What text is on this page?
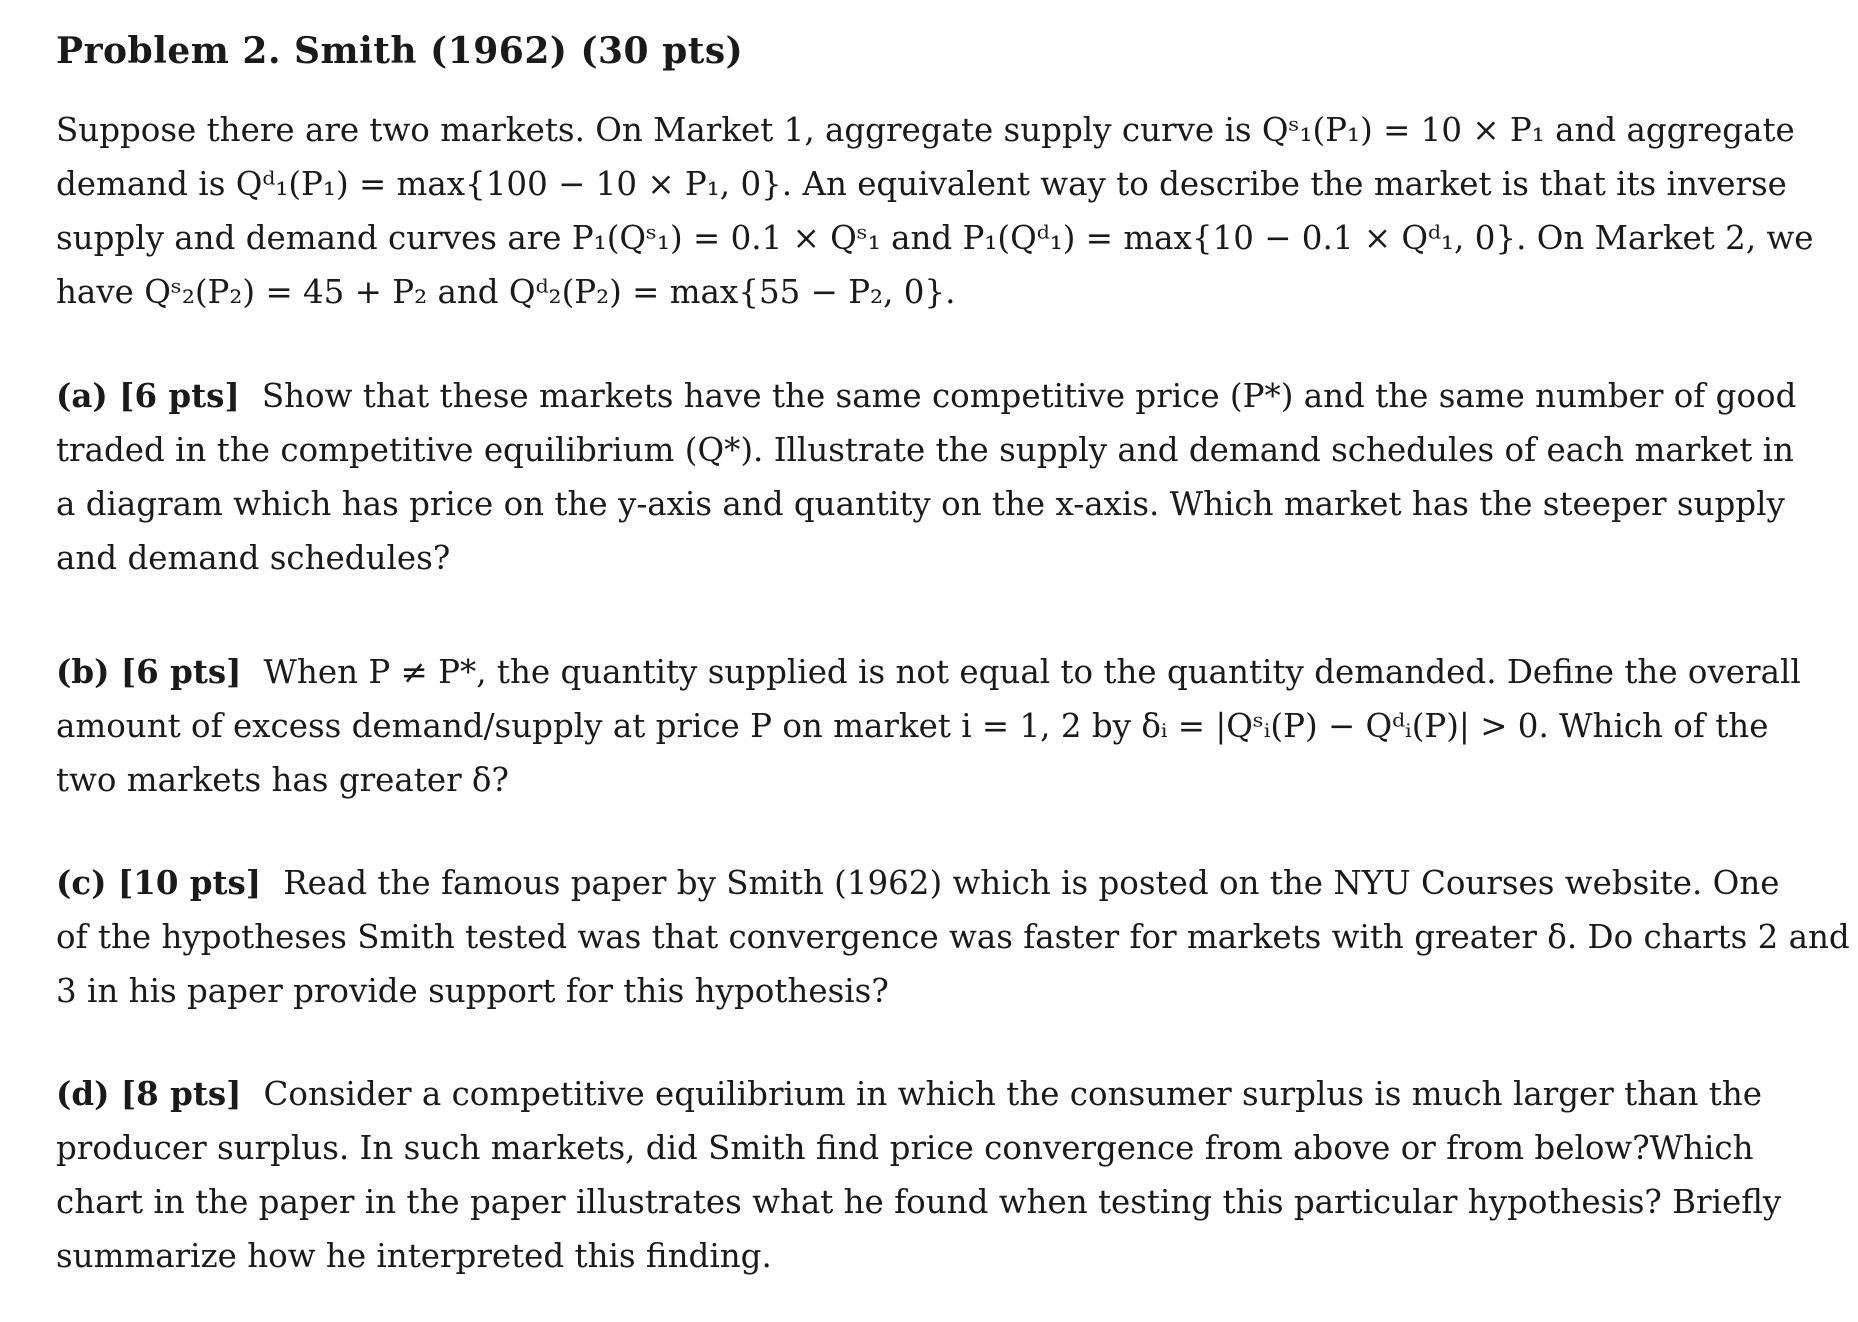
Problem 2. Smith (1962) (30 pts)
Suppose there are two markets. On Market 1, aggregate supply curve is Qˢ₁(P₁) = 10 × P₁ and aggregate
demand is Qᵈ₁(P₁) = max{100 − 10 × P₁, 0}. An equivalent way to describe the market is that its inverse
supply and demand curves are P₁(Qˢ₁) = 0.1 × Qˢ₁ and P₁(Qᵈ₁) = max{10 − 0.1 × Qᵈ₁, 0}. On Market 2, we
have Qˢ₂(P₂) = 45 + P₂ and Qᵈ₂(P₂) = max{55 − P₂, 0}.
(a) [6 pts] Show that these markets have the same competitive price (P*) and the same number of good
traded in the competitive equilibrium (Q*). Illustrate the supply and demand schedules of each market in
a diagram which has price on the y-axis and quantity on the x-axis. Which market has the steeper supply
and demand schedules?
(b) [6 pts] When P ≠ P*, the quantity supplied is not equal to the quantity demanded. Define the overall
amount of excess demand/supply at price P on market i = 1, 2 by δᵢ = |Qˢᵢ(P) − Qᵈᵢ(P)| > 0. Which of the
two markets has greater δ?
(c) [10 pts] Read the famous paper by Smith (1962) which is posted on the NYU Courses website. One
of the hypotheses Smith tested was that convergence was faster for markets with greater δ. Do charts 2 and
3 in his paper provide support for this hypothesis?
(d) [8 pts] Consider a competitive equilibrium in which the consumer surplus is much larger than the
producer surplus. In such markets, did Smith find price convergence from above or from below?Which
chart in the paper in the paper illustrates what he found when testing this particular hypothesis? Briefly
summarize how he interpreted this finding.
